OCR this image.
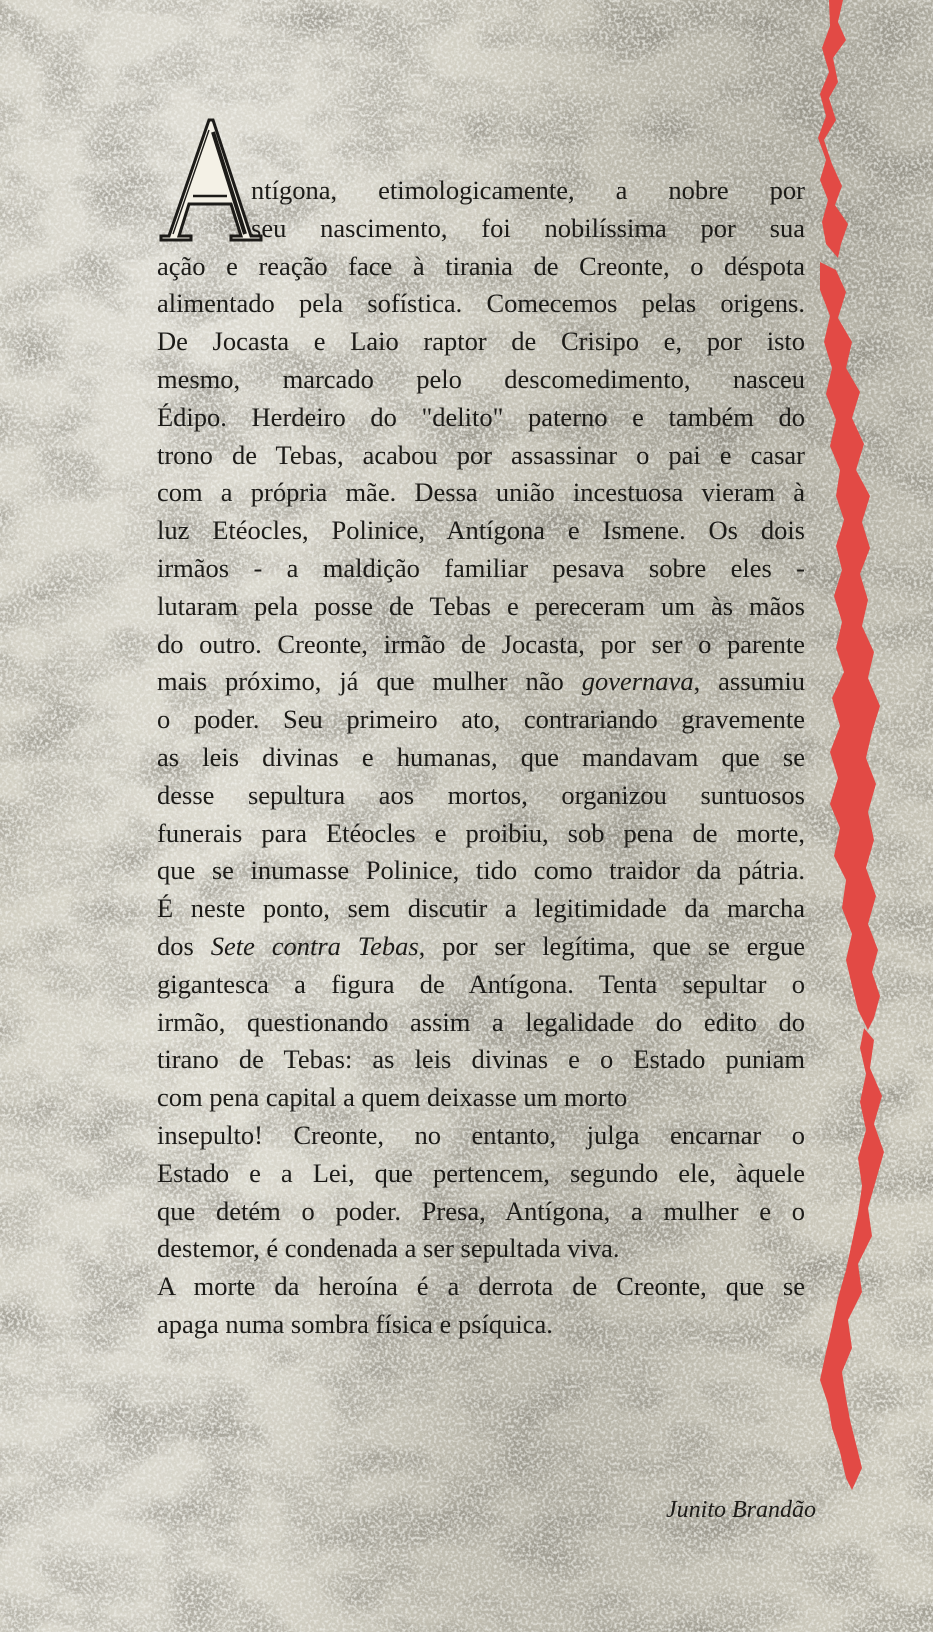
ntígona, etimologicamente, a nobre por
seu nascimento, foi nobilíssima por sua
ação e reação face à tirania de Creonte, o déspota
alimentado pela sofística. Comecemos pelas origens.
De Jocasta e Laio raptor de Crisipo e, por isto
mesmo, marcado pelo descomedimento, nasceu
Édipo. Herdeiro do "delito" paterno e também do
trono de Tebas, acabou por assassinar o pai e casar
com a própria mãe. Dessa união incestuosa vieram à
luz Etéocles, Polinice, Antígona e Ismene. Os dois
irmãos - a maldição familiar pesava sobre eles -
lutaram pela posse de Tebas e pereceram um às mãos
do outro. Creonte, irmão de Jocasta, por ser o parente
mais próximo, já que mulher não governava, assumiu
o poder. Seu primeiro ato, contrariando gravemente
as leis divinas e humanas, que mandavam que se
desse sepultura aos mortos, organizou suntuosos
funerais para Etéocles e proibiu, sob pena de morte,
que se inumasse Polinice, tido como traidor da pátria.
É neste ponto, sem discutir a legitimidade da marcha
dos Sete contra Tebas, por ser legítima, que se ergue
gigantesca a figura de Antígona. Tenta sepultar o
irmão, questionando assim a legalidade do edito do
tirano de Tebas: as leis divinas e o Estado puniam
com pena capital a quem deixasse um morto
insepulto! Creonte, no entanto, julga encarnar o
Estado e a Lei, que pertencem, segundo ele, àquele
que detém o poder. Presa, Antígona, a mulher e o
destemor, é condenada a ser sepultada viva.
A morte da heroína é a derrota de Creonte, que se
apaga numa sombra física e psíquica.

Junito Brandão
